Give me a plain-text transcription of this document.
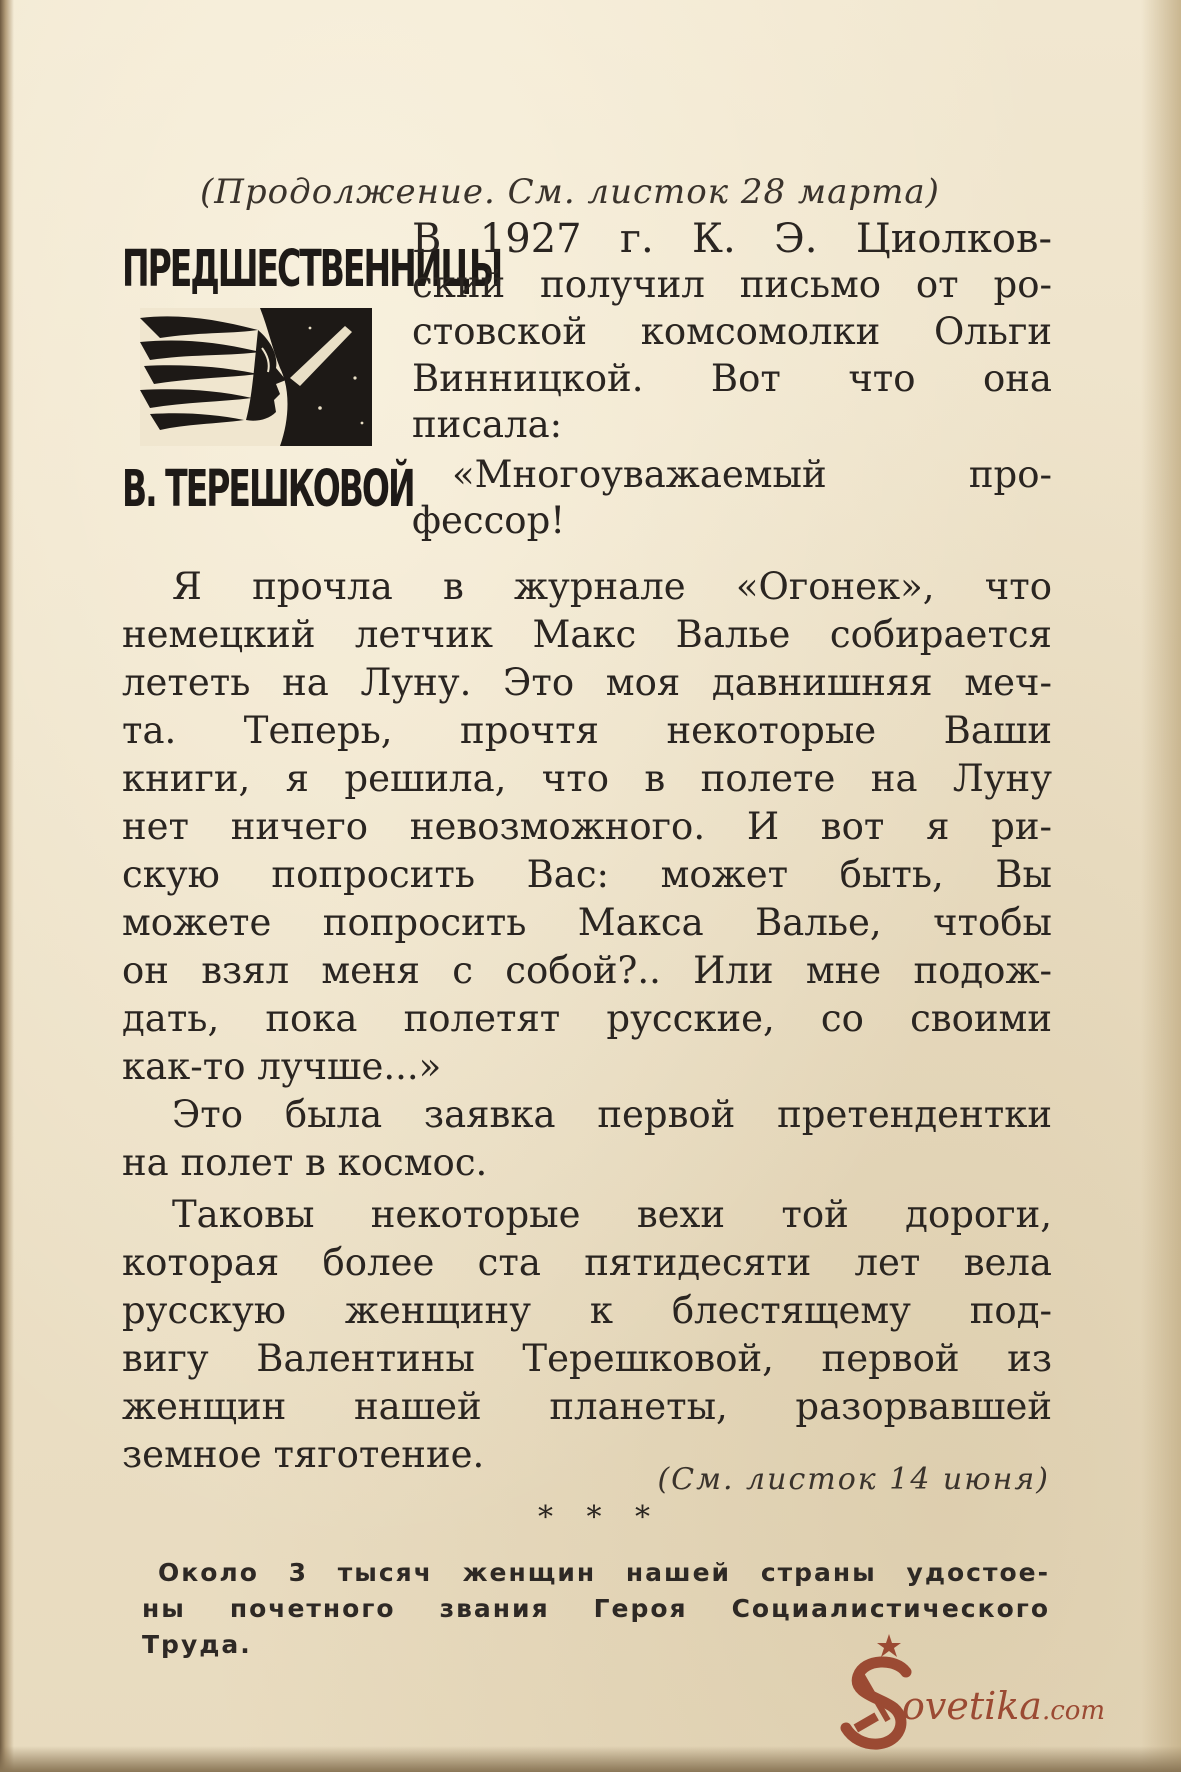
(Продолжение. См. листок 28 марта)
ПРЕДШЕСТВЕННИЦЫ
В. ТЕРЕШКОВОЙ
В 1927 г. К. Э. Циолков-
ский получил письмо от ро-
стовской комсомолки Ольги
Винницкой. Вот что она
писала:
«Многоуважаемый про-
фессор!
Я прочла в журнале «Огонек», что
немецкий летчик Макс Валье собирается
лететь на Луну. Это моя давнишняя меч-
та. Теперь, прочтя некоторые Ваши
книги, я решила, что в полете на Луну
нет ничего невозможного. И вот я ри-
скую попросить Вас: может быть, Вы
можете попросить Макса Валье, чтобы
он взял меня с собой?.. Или мне подож-
дать, пока полетят русские, со своими
как-то лучше...»
Это была заявка первой претендентки
на полет в космос.
Таковы некоторые вехи той дороги,
которая более ста пятидесяти лет вела
русскую женщину к блестящему под-
вигу Валентины Терешковой, первой из
женщин нашей планеты, разорвавшей
земное тяготение.
(См. листок 14 июня)
* * *
Около 3 тысяч женщин нашей страны удостое-
ны почетного звания Героя Социалистического
Труда.
ovetika.com
